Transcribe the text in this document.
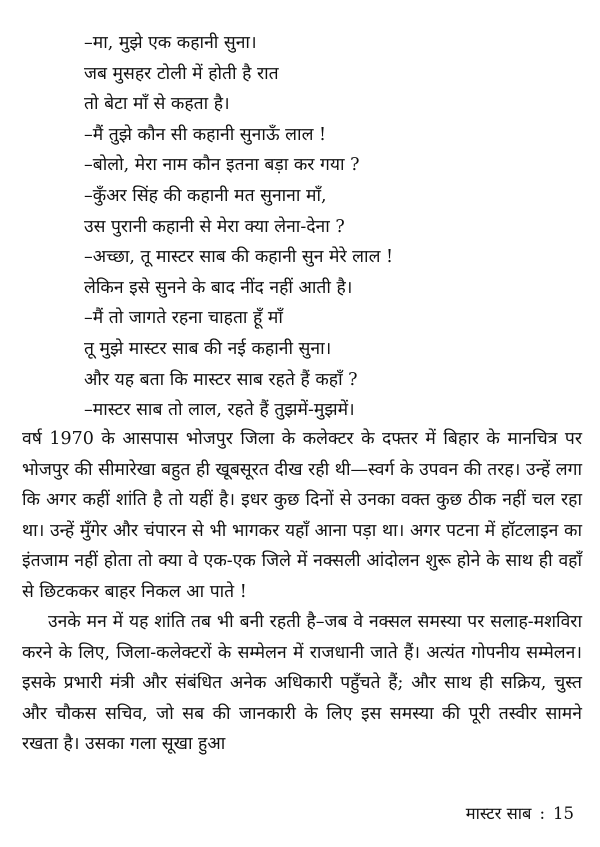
–मा, मुझे एक कहानी सुना।
जब मुसहर टोली में होती है रात
तो बेटा माँ से कहता है।
–मैं तुझे कौन सी कहानी सुनाऊँ लाल !
–बोलो, मेरा नाम कौन इतना बड़ा कर गया ?
–कुँअर सिंह की कहानी मत सुनाना माँ,
उस पुरानी कहानी से मेरा क्या लेना-देना ?
–अच्छा, तू मास्टर साब की कहानी सुन मेरे लाल !
लेकिन इसे सुनने के बाद नींद नहीं आती है।
–मैं तो जागते रहना चाहता हूँ माँ
तू मुझे मास्टर साब की नई कहानी सुना।
और यह बता कि मास्टर साब रहते हैं कहाँ ?
–मास्टर साब तो लाल, रहते हैं तुझमें-मुझमें।

वर्ष 1970 के आसपास भोजपुर जिला के कलेक्टर के दफ्तर में बिहार के मानचित्र पर भोजपुर की सीमारेखा बहुत ही खूबसूरत दीख रही थी—स्वर्ग के उपवन की तरह। उन्हें लगा कि अगर कहीं शांति है तो यहीं है। इधर कुछ दिनों से उनका वक्त कुछ ठीक नहीं चल रहा था। उन्हें मुँगेर और चंपारन से भी भागकर यहाँ आना पड़ा था। अगर पटना में हॉटलाइन का इंतजाम नहीं होता तो क्या वे एक-एक जिले में नक्सली आंदोलन शुरू होने के साथ ही वहाँ से छिटककर बाहर निकल आ पाते !

उनके मन में यह शांति तब भी बनी रहती है–जब वे नक्सल समस्या पर सलाह-मशविरा करने के लिए, जिला-कलेक्टरों के सम्मेलन में राजधानी जाते हैं। अत्यंत गोपनीय सम्मेलन। इसके प्रभारी मंत्री और संबंधित अनेक अधिकारी पहुँचते हैं; और साथ ही सक्रिय, चुस्त और चौकस सचिव, जो सब की जानकारी के लिए इस समस्या की पूरी तस्वीर सामने रखता है। उसका गला सूखा हुआ

मास्टर साब : 15
